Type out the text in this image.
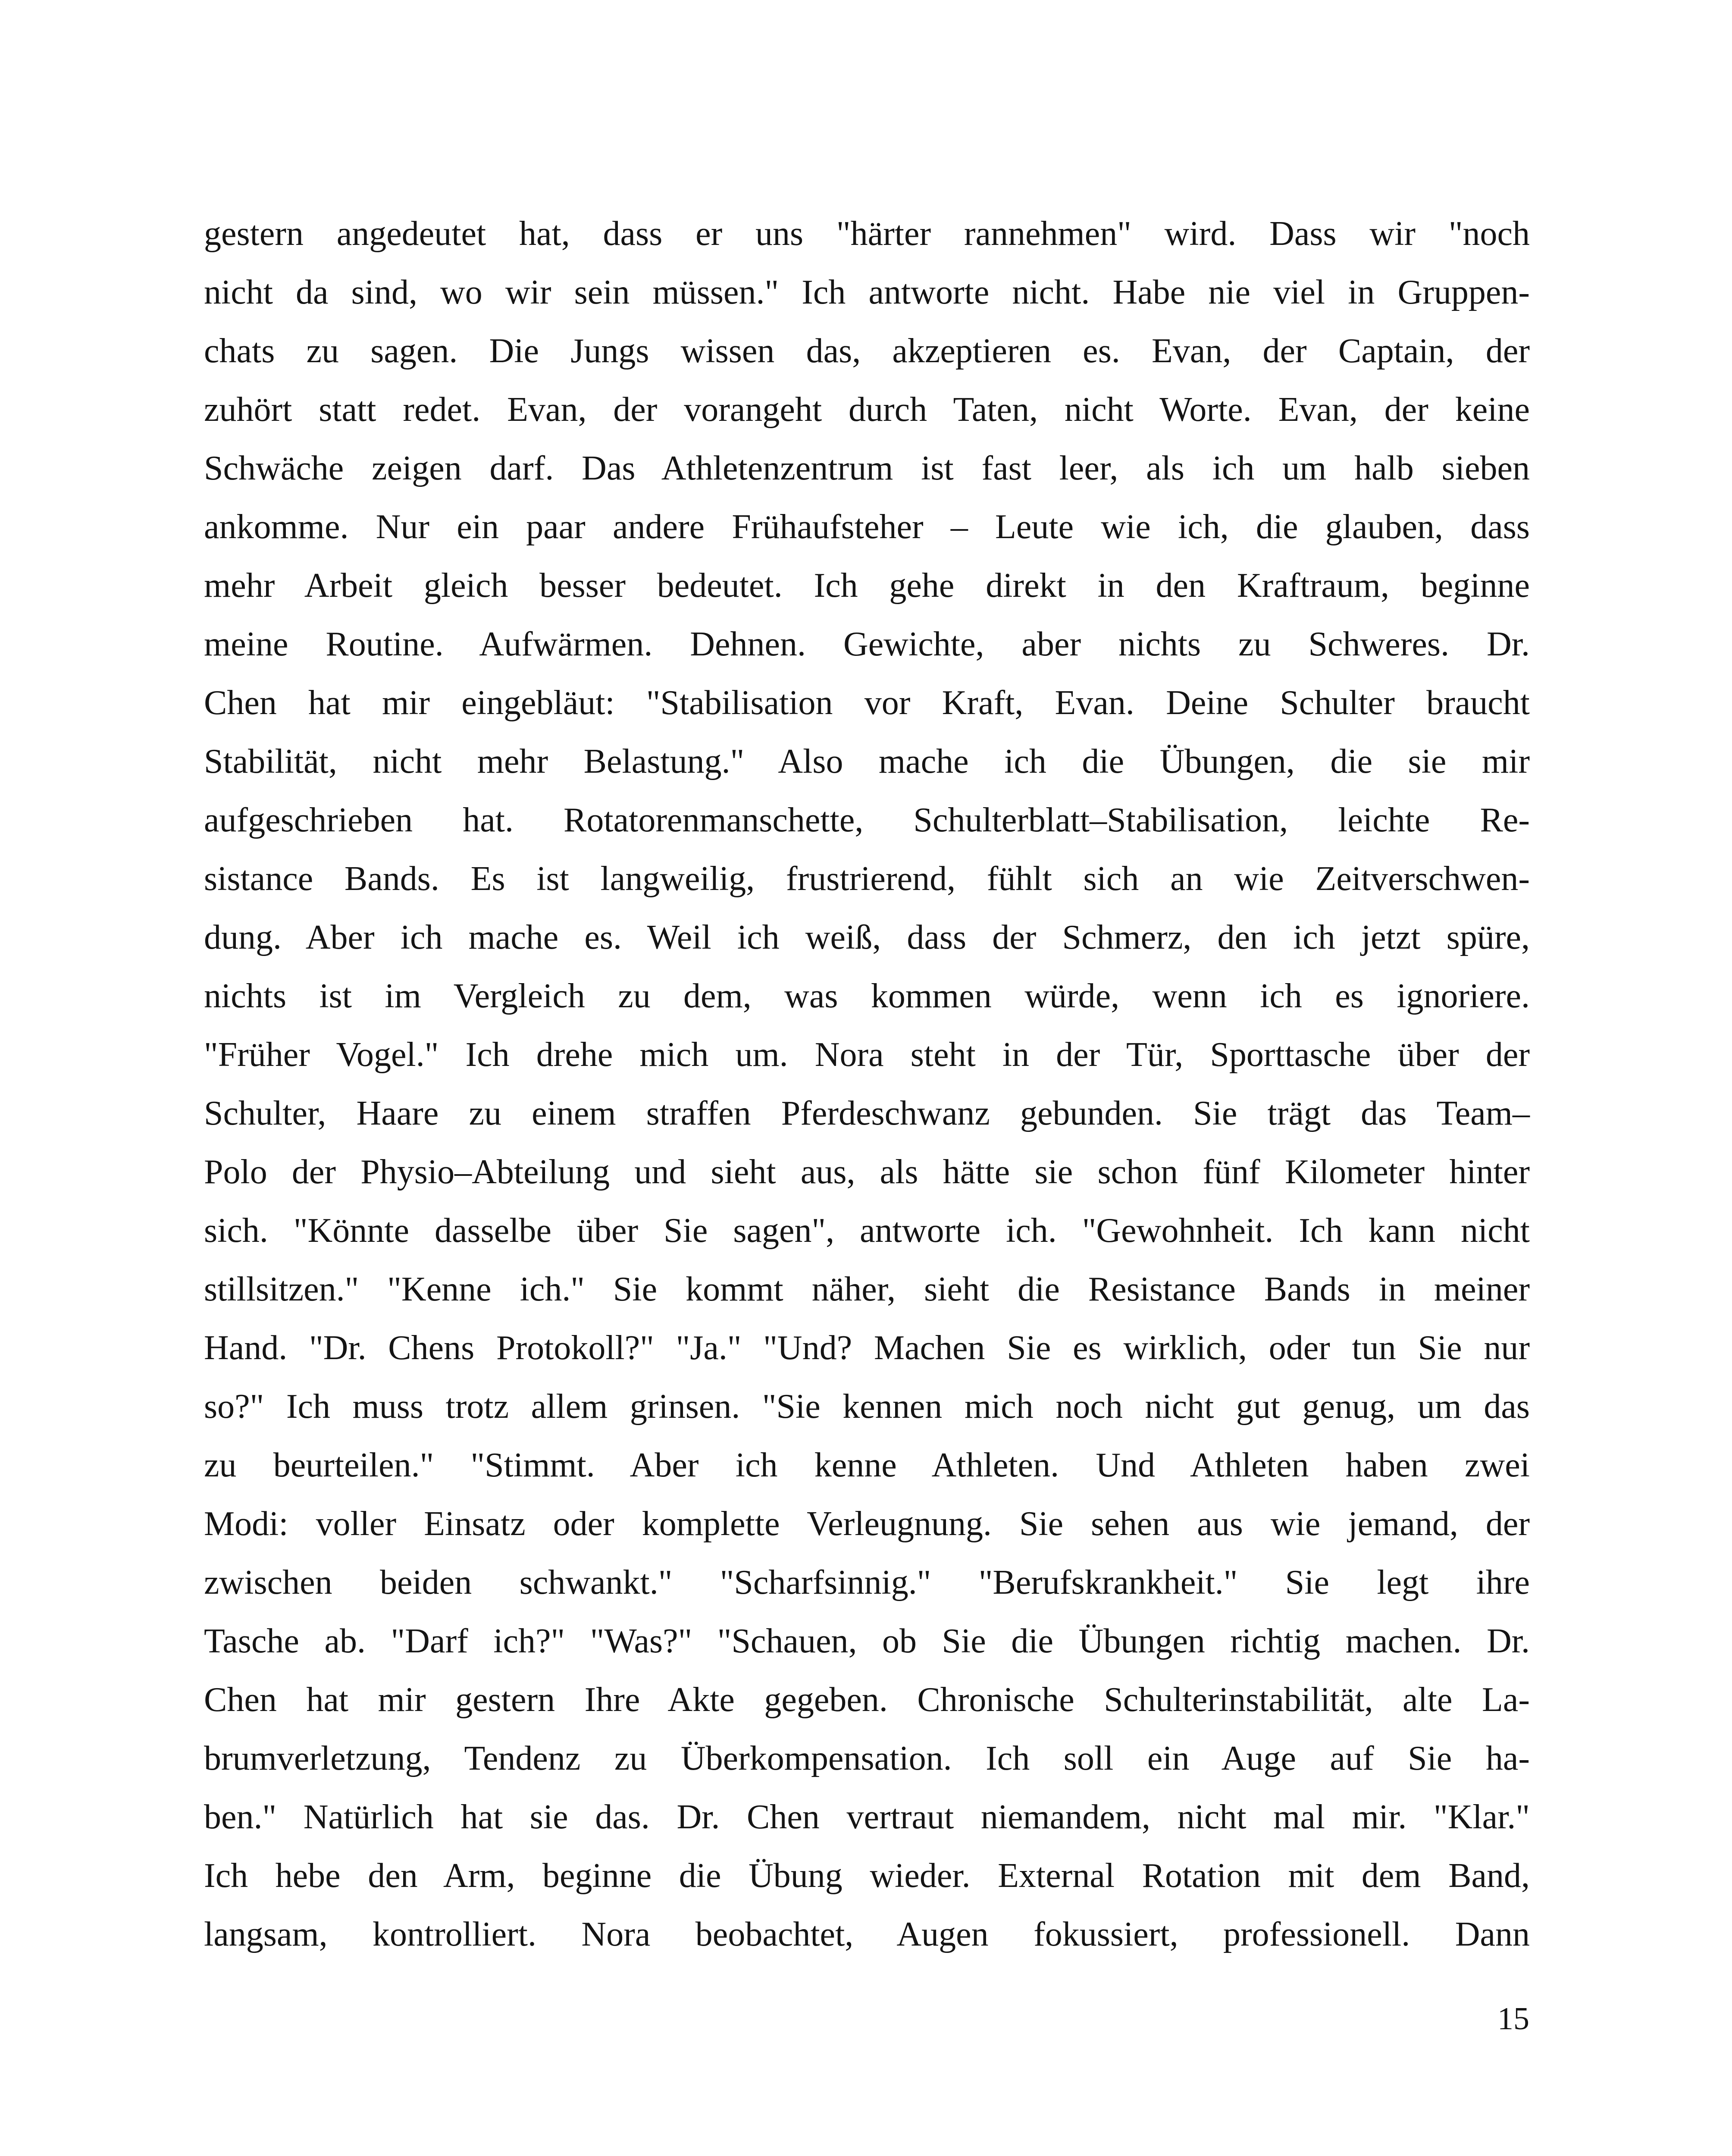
gestern angedeutet hat, dass er uns "härter rannehmen" wird. Dass wir "noch
nicht da sind, wo wir sein müssen." Ich antworte nicht. Habe nie viel in Gruppen-
chats zu sagen. Die Jungs wissen das, akzeptieren es. Evan, der Captain, der
zuhört statt redet. Evan, der vorangeht durch Taten, nicht Worte. Evan, der keine
Schwäche zeigen darf. Das Athletenzentrum ist fast leer, als ich um halb sieben
ankomme. Nur ein paar andere Frühaufsteher – Leute wie ich, die glauben, dass
mehr Arbeit gleich besser bedeutet. Ich gehe direkt in den Kraftraum, beginne
meine Routine. Aufwärmen. Dehnen. Gewichte, aber nichts zu Schweres. Dr.
Chen hat mir eingebläut: "Stabilisation vor Kraft, Evan. Deine Schulter braucht
Stabilität, nicht mehr Belastung." Also mache ich die Übungen, die sie mir
aufgeschrieben hat. Rotatorenmanschette, Schulterblatt–Stabilisation, leichte Re-
sistance Bands. Es ist langweilig, frustrierend, fühlt sich an wie Zeitverschwen-
dung. Aber ich mache es. Weil ich weiß, dass der Schmerz, den ich jetzt spüre,
nichts ist im Vergleich zu dem, was kommen würde, wenn ich es ignoriere.
"Früher Vogel." Ich drehe mich um. Nora steht in der Tür, Sporttasche über der
Schulter, Haare zu einem straffen Pferdeschwanz gebunden. Sie trägt das Team–
Polo der Physio–Abteilung und sieht aus, als hätte sie schon fünf Kilometer hinter
sich. "Könnte dasselbe über Sie sagen", antworte ich. "Gewohnheit. Ich kann nicht
stillsitzen." "Kenne ich." Sie kommt näher, sieht die Resistance Bands in meiner
Hand. "Dr. Chens Protokoll?" "Ja." "Und? Machen Sie es wirklich, oder tun Sie nur
so?" Ich muss trotz allem grinsen. "Sie kennen mich noch nicht gut genug, um das
zu beurteilen." "Stimmt. Aber ich kenne Athleten. Und Athleten haben zwei
Modi: voller Einsatz oder komplette Verleugnung. Sie sehen aus wie jemand, der
zwischen beiden schwankt." "Scharfsinnig." "Berufskrankheit." Sie legt ihre
Tasche ab. "Darf ich?" "Was?" "Schauen, ob Sie die Übungen richtig machen. Dr.
Chen hat mir gestern Ihre Akte gegeben. Chronische Schulterinstabilität, alte La-
brumverletzung, Tendenz zu Überkompensation. Ich soll ein Auge auf Sie ha-
ben." Natürlich hat sie das. Dr. Chen vertraut niemandem, nicht mal mir. "Klar."
Ich hebe den Arm, beginne die Übung wieder. External Rotation mit dem Band,
langsam, kontrolliert. Nora beobachtet, Augen fokussiert, professionell. Dann
15
